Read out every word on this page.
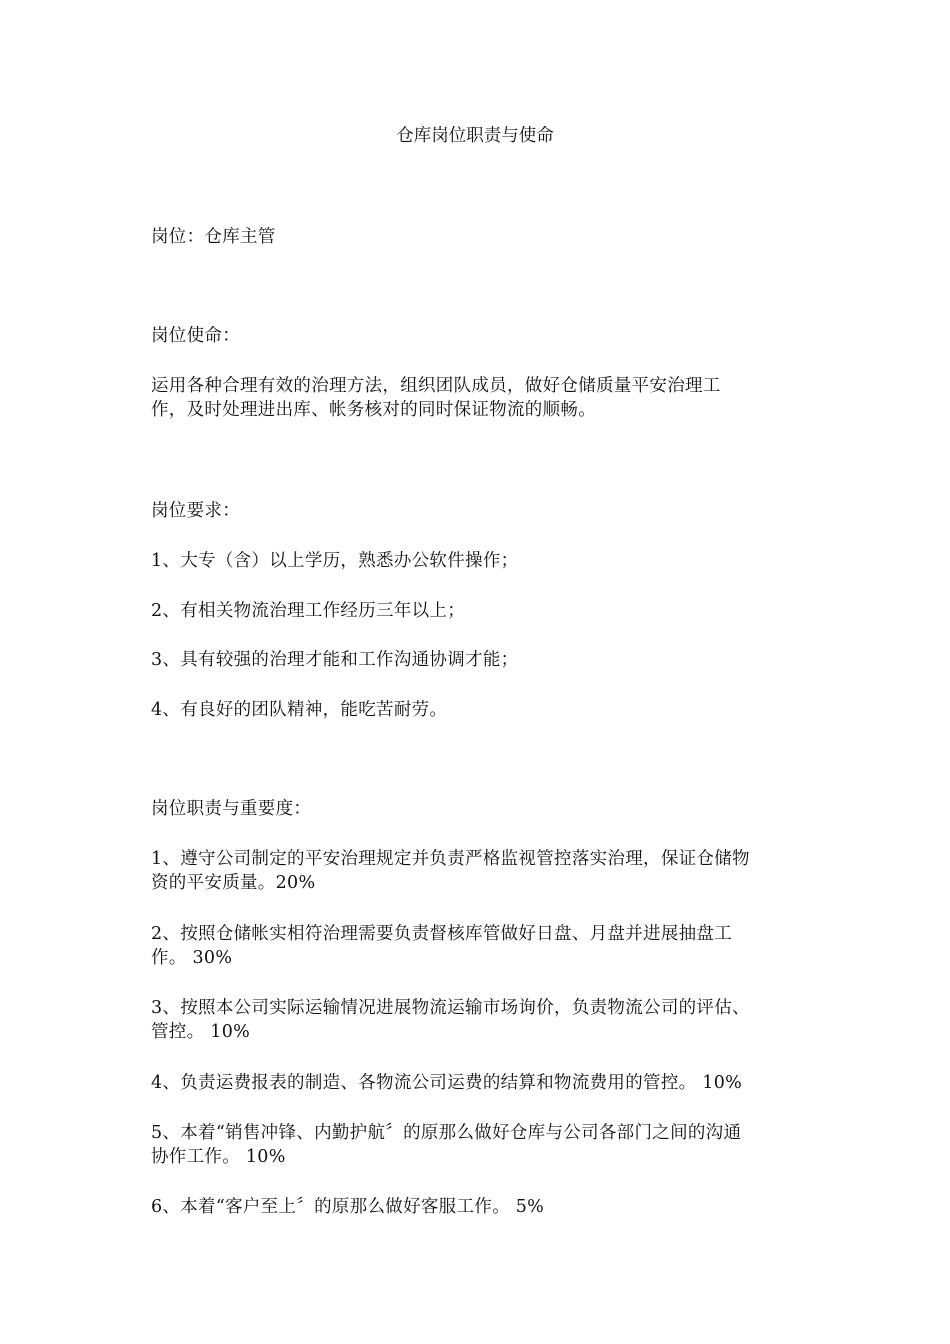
仓库岗位职责与使命
岗位：仓库主管
岗位使命：
运用各种合理有效的治理方法，组织团队成员，做好仓储质量平安治理工
作，及时处理进出库、帐务核对的同时保证物流的顺畅。
岗位要求：
1、大专（含）以上学历，熟悉办公软件操作；
2、有相关物流治理工作经历三年以上；
3、具有较强的治理才能和工作沟通协调才能；
4、有良好的团队精神，能吃苦耐劳。
岗位职责与重要度：
1、遵守公司制定的平安治理规定并负责严格监视管控落实治理，保证仓储物
资的平安质量。20%
2、按照仓储帐实相符治理需要负责督核库管做好日盘、月盘并进展抽盘工
作。 30%
3、按照本公司实际运输情况进展物流运输市场询价，负责物流公司的评估、
管控。 10%
4、负责运费报表的制造、各物流公司运费的结算和物流费用的管控。 10%
5、本着“销售冲锋、内勤护航〞的原那么做好仓库与公司各部门之间的沟通
协作工作。 10%
6、本着“客户至上〞的原那么做好客服工作。 5%
